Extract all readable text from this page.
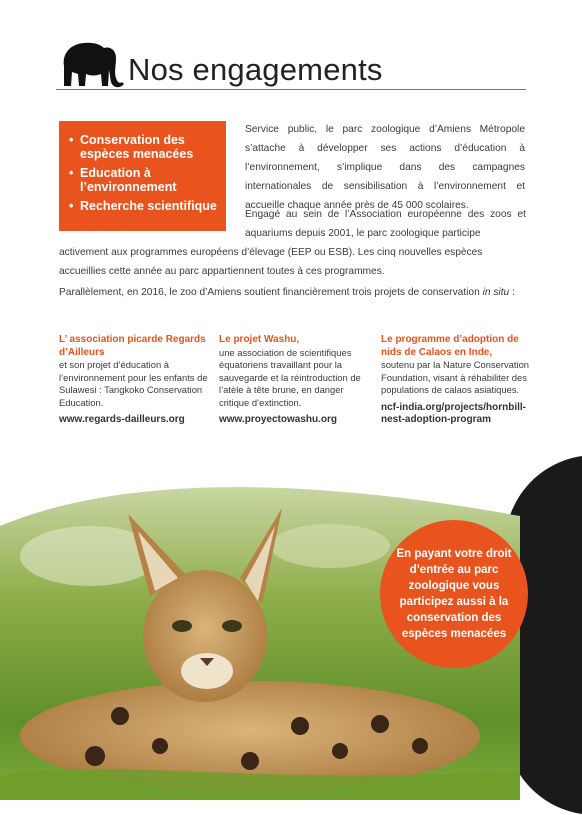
Nos engagements
• Conservation des espèces menacées
• Education à l’environnement
• Recherche scientifique
Service public, le parc zoologique d’Amiens Métropole s’attache à développer ses actions d’éducation à l’environnement, s’implique dans des campagnes internationales de sensibilisation à l’environnement et accueille chaque année près de 45 000 scolaires.
Engagé au sein de l’Association européenne des zoos et aquariums depuis 2001, le parc zoologique participe
activement aux programmes européens d’élevage (EEP ou ESB). Les cinq nouvelles espèces accueillies cette année au parc appartiennent toutes à ces programmes.
Parallèlement, en 2016, le zoo d’Amiens soutient financièrement trois projets de conservation in situ :
L’ association picarde Regards d’Ailleurs
et son projet d’éducation à l’environnement pour les enfants de Sulawesi : Tangkoko Conservation Education.
www.regards-dailleurs.org
Le projet Washu,
une association de scientifiques équatoriens travaillant pour la sauvegarde et la réintroduction de l’atèle à tête brune, en danger critique d’extinction.
www.proyectowashu.org
Le programme d’adoption de nids de Calaos en Inde,
soutenu par la Nature Conservation Foundation, visant à réhabiliter des populations de calaos asiatiques.
ncf-india.org/projects/hornbill-nest-adoption-program
En payant votre droit d’entrée au parc zoologique vous participez aussi à la conservation des espèces menacées
